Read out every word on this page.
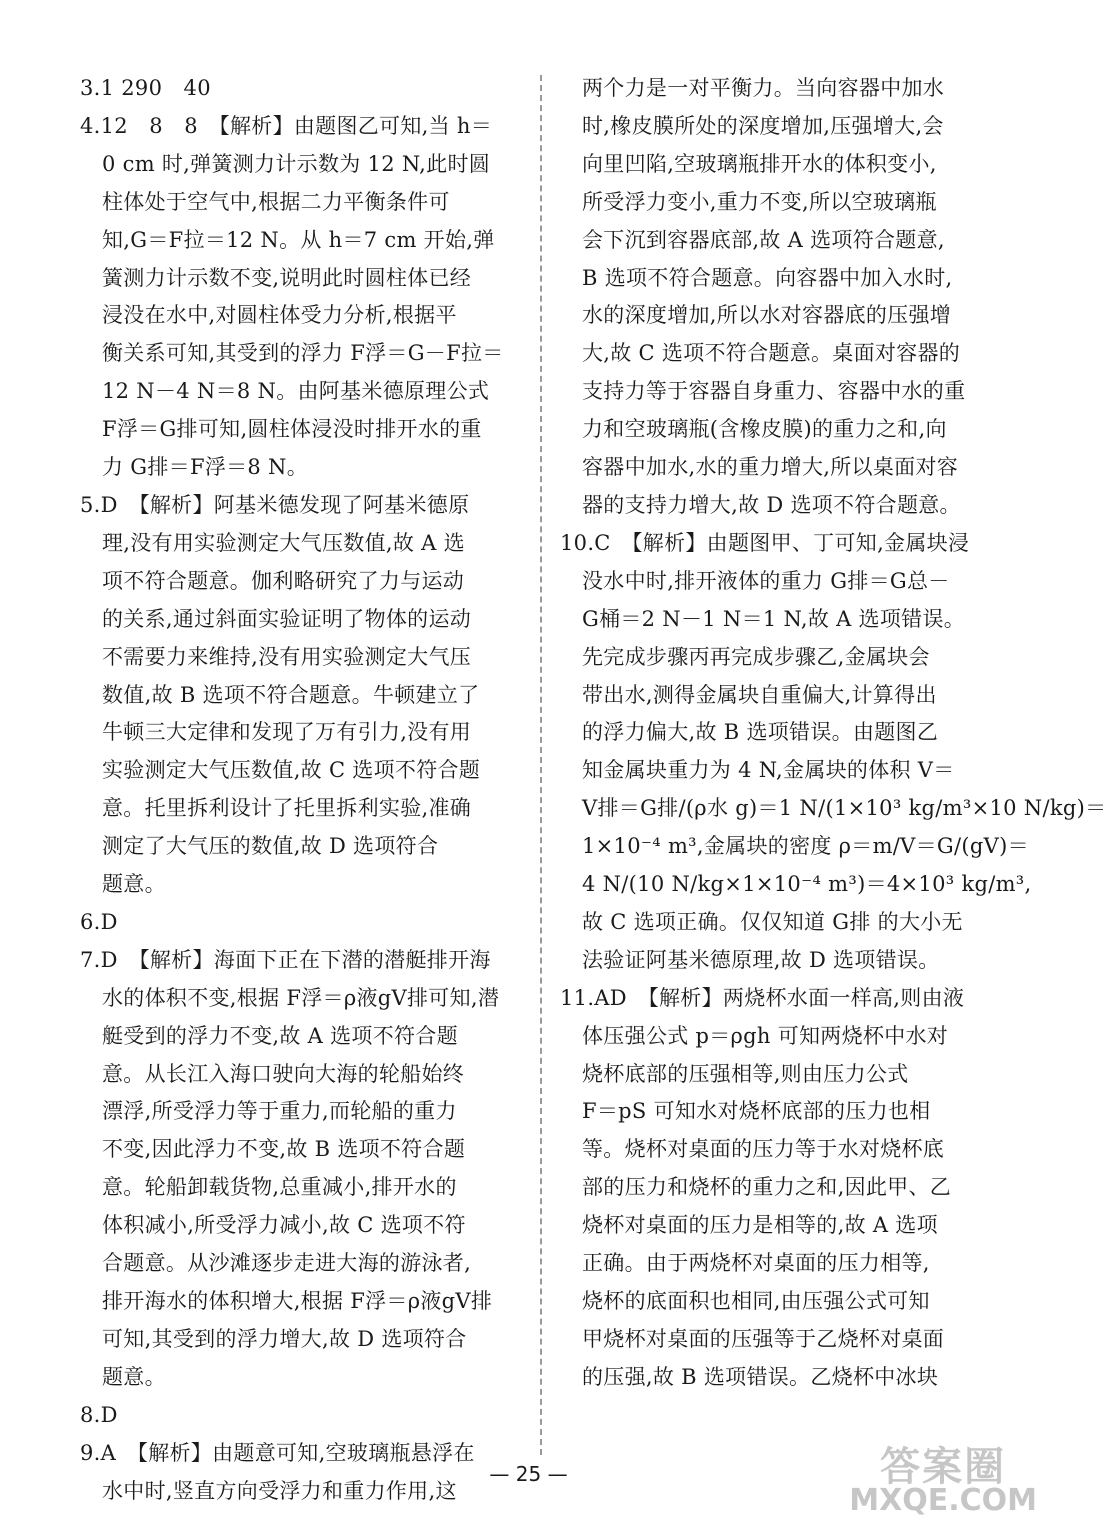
3.1 290　40
4.12　8　8　【解析】由题图乙可知,当 h＝
0 cm 时,弹簧测力计示数为 12 N,此时圆
柱体处于空气中,根据二力平衡条件可
知,G＝F拉＝12 N。从 h＝7 cm 开始,弹
簧测力计示数不变,说明此时圆柱体已经
浸没在水中,对圆柱体受力分析,根据平
衡关系可知,其受到的浮力 F浮＝G－F拉＝
12 N－4 N＝8 N。由阿基米德原理公式
F浮＝G排可知,圆柱体浸没时排开水的重
力 G排＝F浮＝8 N。
5.D　【解析】阿基米德发现了阿基米德原
理,没有用实验测定大气压数值,故 A 选
项不符合题意。伽利略研究了力与运动
的关系,通过斜面实验证明了物体的运动
不需要力来维持,没有用实验测定大气压
数值,故 B 选项不符合题意。牛顿建立了
牛顿三大定律和发现了万有引力,没有用
实验测定大气压数值,故 C 选项不符合题
意。托里拆利设计了托里拆利实验,准确
测定了大气压的数值,故 D 选项符合
题意。
6.D
7.D　【解析】海面下正在下潜的潜艇排开海
水的体积不变,根据 F浮＝ρ液gV排可知,潜
艇受到的浮力不变,故 A 选项不符合题
意。从长江入海口驶向大海的轮船始终
漂浮,所受浮力等于重力,而轮船的重力
不变,因此浮力不变,故 B 选项不符合题
意。轮船卸载货物,总重减小,排开水的
体积减小,所受浮力减小,故 C 选项不符
合题意。从沙滩逐步走进大海的游泳者,
排开海水的体积增大,根据 F浮＝ρ液gV排
可知,其受到的浮力增大,故 D 选项符合
题意。
8.D
9.A　【解析】由题意可知,空玻璃瓶悬浮在
水中时,竖直方向受浮力和重力作用,这
两个力是一对平衡力。当向容器中加水
时,橡皮膜所处的深度增加,压强增大,会
向里凹陷,空玻璃瓶排开水的体积变小,
所受浮力变小,重力不变,所以空玻璃瓶
会下沉到容器底部,故 A 选项符合题意,
B 选项不符合题意。向容器中加入水时,
水的深度增加,所以水对容器底的压强增
大,故 C 选项不符合题意。桌面对容器的
支持力等于容器自身重力、容器中水的重
力和空玻璃瓶(含橡皮膜)的重力之和,向
容器中加水,水的重力增大,所以桌面对容
器的支持力增大,故 D 选项不符合题意。
10.C　【解析】由题图甲、丁可知,金属块浸
没水中时,排开液体的重力 G排＝G总－
G桶＝2 N－1 N＝1 N,故 A 选项错误。
先完成步骤丙再完成步骤乙,金属块会
带出水,测得金属块自重偏大,计算得出
的浮力偏大,故 B 选项错误。由题图乙
知金属块重力为 4 N,金属块的体积 V＝
V排＝G排/(ρ水 g)＝1 N/(1×10³ kg/m³×10 N/kg)＝
1×10⁻⁴ m³,金属块的密度 ρ＝m/V＝G/(gV)＝
4 N/(10 N/kg×1×10⁻⁴ m³)＝4×10³ kg/m³,
故 C 选项正确。仅仅知道 G排 的大小无
法验证阿基米德原理,故 D 选项错误。
11.AD　【解析】两烧杯水面一样高,则由液
体压强公式 p＝ρgh 可知两烧杯中水对
烧杯底部的压强相等,则由压力公式
F＝pS 可知水对烧杯底部的压力也相
等。烧杯对桌面的压力等于水对烧杯底
部的压力和烧杯的重力之和,因此甲、乙
烧杯对桌面的压力是相等的,故 A 选项
正确。由于两烧杯对桌面的压力相等,
烧杯的底面积也相同,由压强公式可知
甲烧杯对桌面的压强等于乙烧杯对桌面
的压强,故 B 选项错误。乙烧杯中冰块
— 25 —	答案圈
MXQE.COM
